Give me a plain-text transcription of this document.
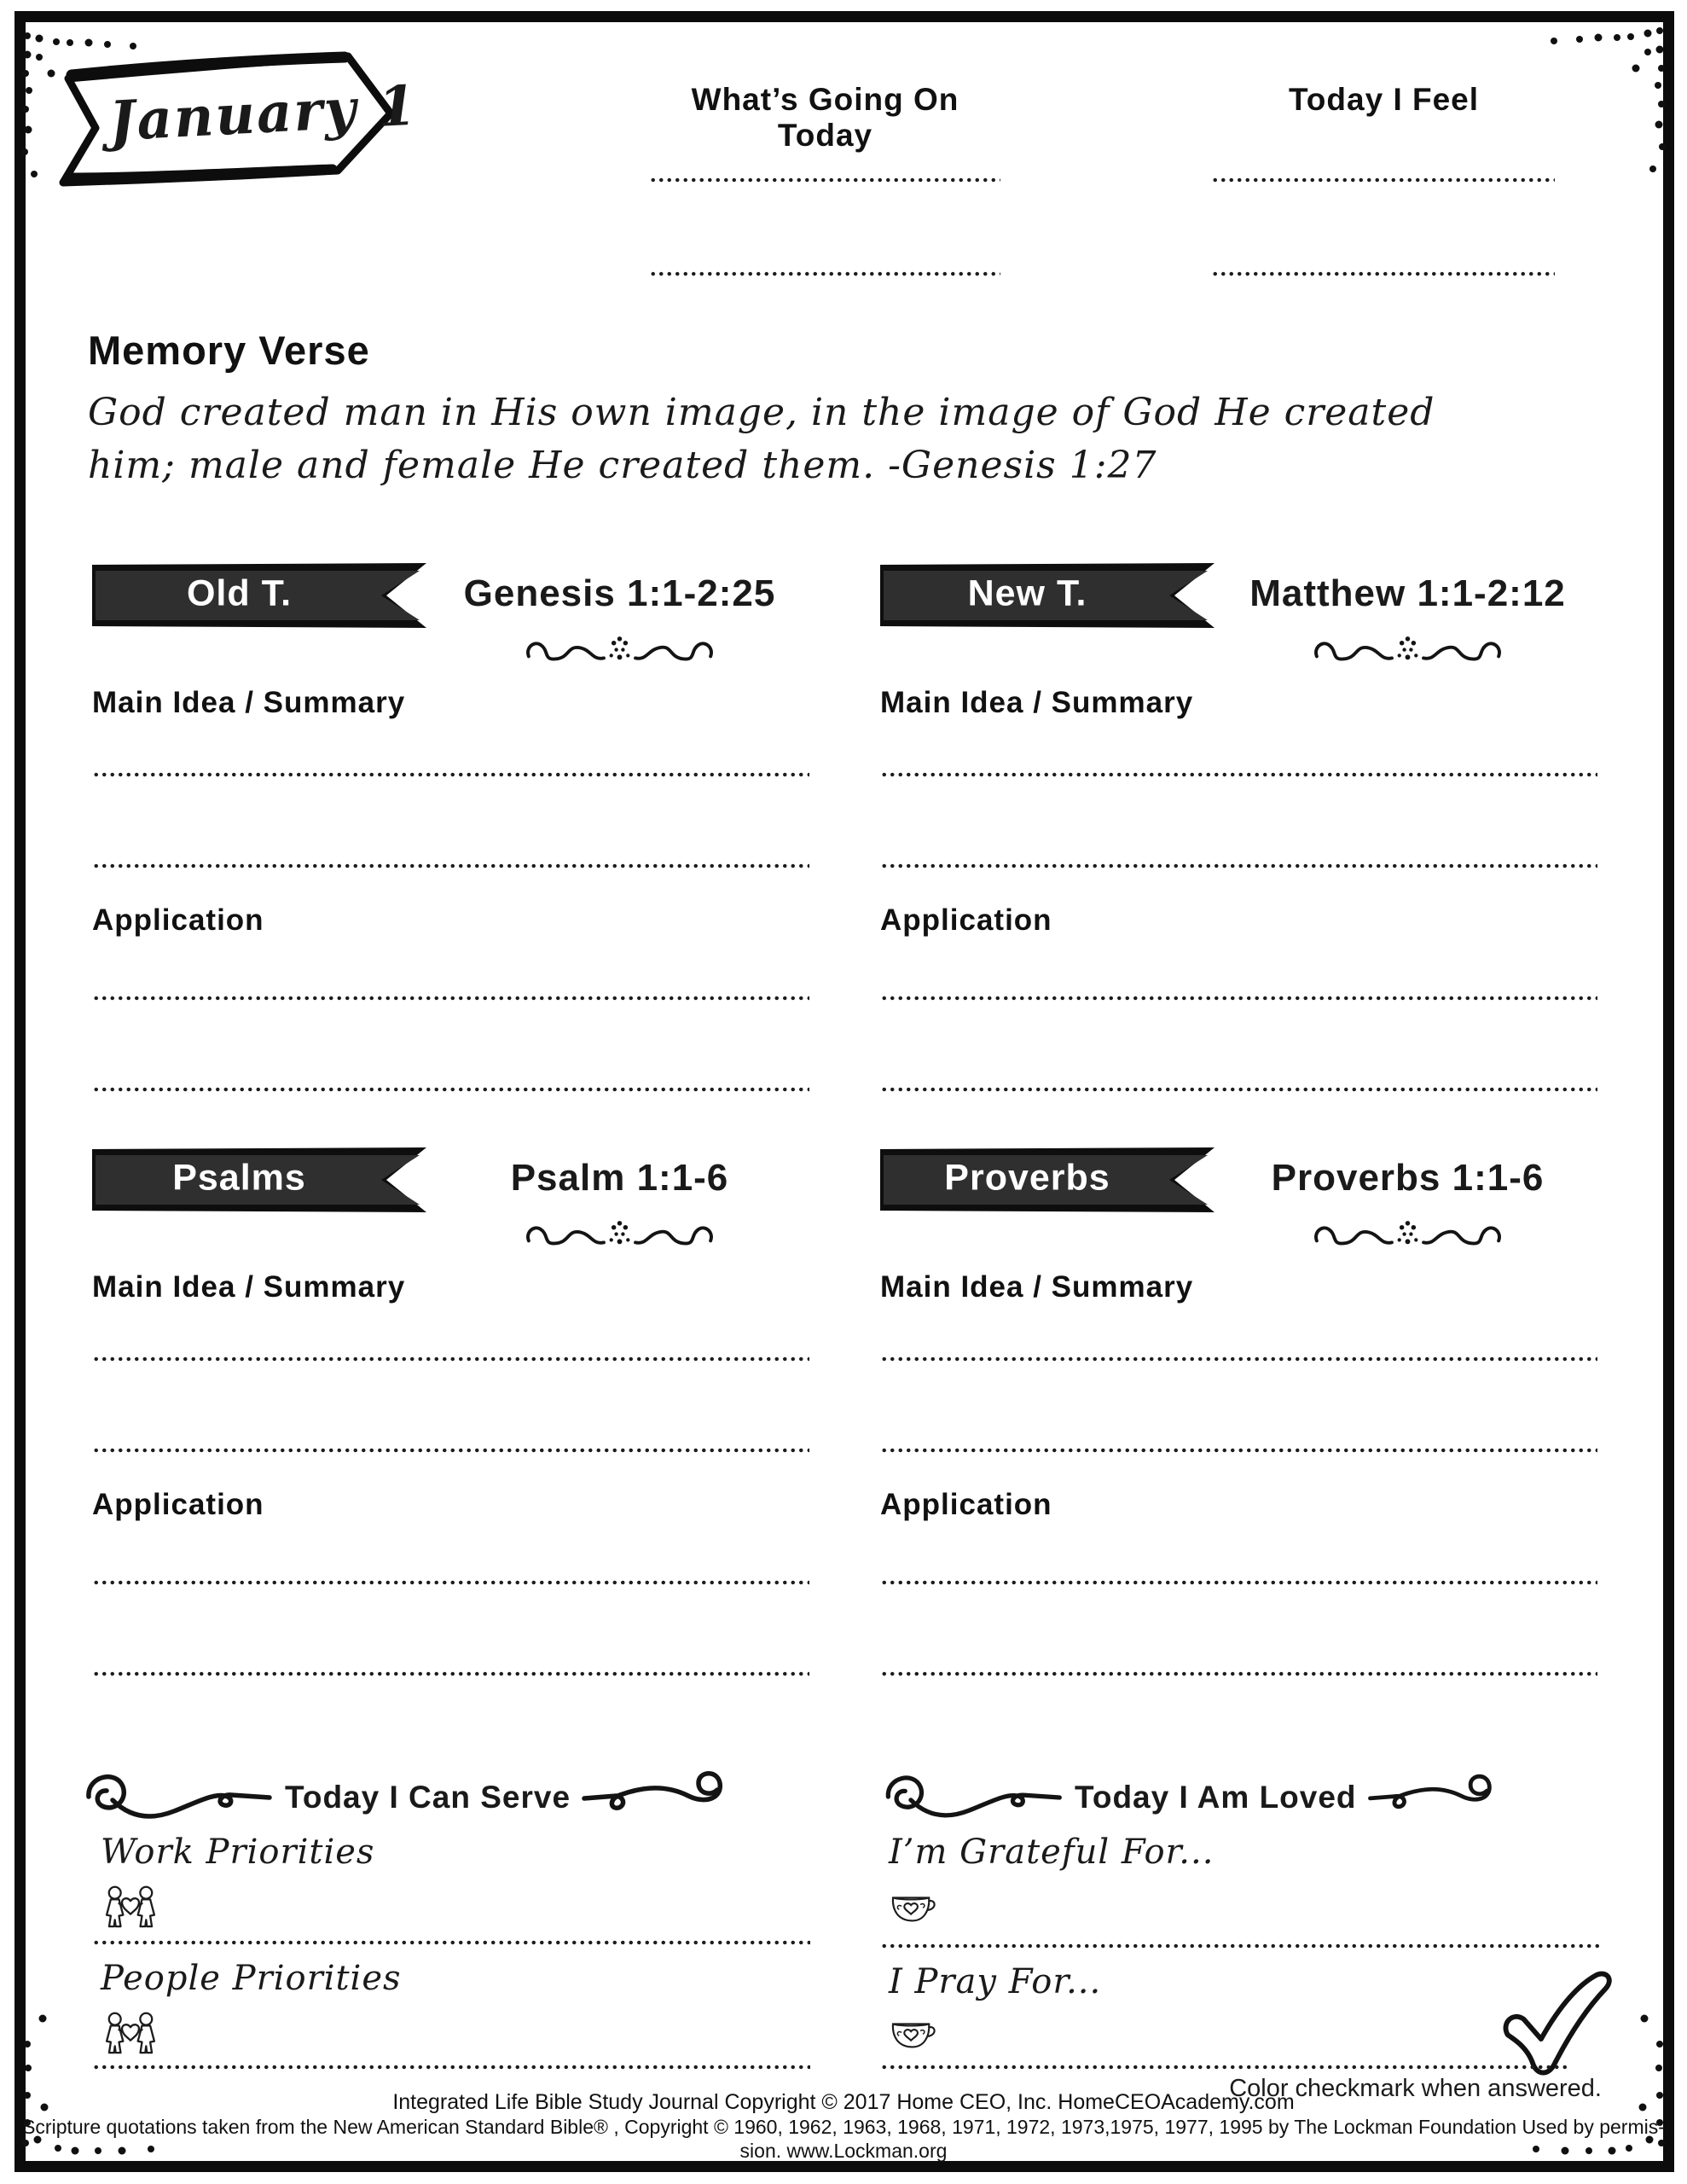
January 1	What’s Going On Today
Today I Feel
Memory Verse
God created man in His own image, in the image of God He created
him; male and female He created them. -Genesis 1:27
Old T.	Genesis 1:1-2:25
Main Idea / Summary
Application
New T.	Matthew 1:1-2:12
Main Idea / Summary
Application
Psalms	Psalm 1:1-6
Main Idea / Summary
Application
Proverbs	Proverbs 1:1-6
Main Idea / Summary
Application
Today I Can Serve
Work Priorities
People Priorities
Today I Am Loved
I’m Grateful For...
I Pray For...
Color checkmark when answered.
Integrated Life Bible Study Journal Copyright © 2017 Home CEO, Inc. HomeCEOAcademy.com
Scripture quotations taken from the New American Standard Bible® , Copyright © 1960, 1962, 1963, 1968, 1971, 1972, 1973,1975, 1977, 1995 by The Lockman Foundation Used by permis-
sion. www.Lockman.org
